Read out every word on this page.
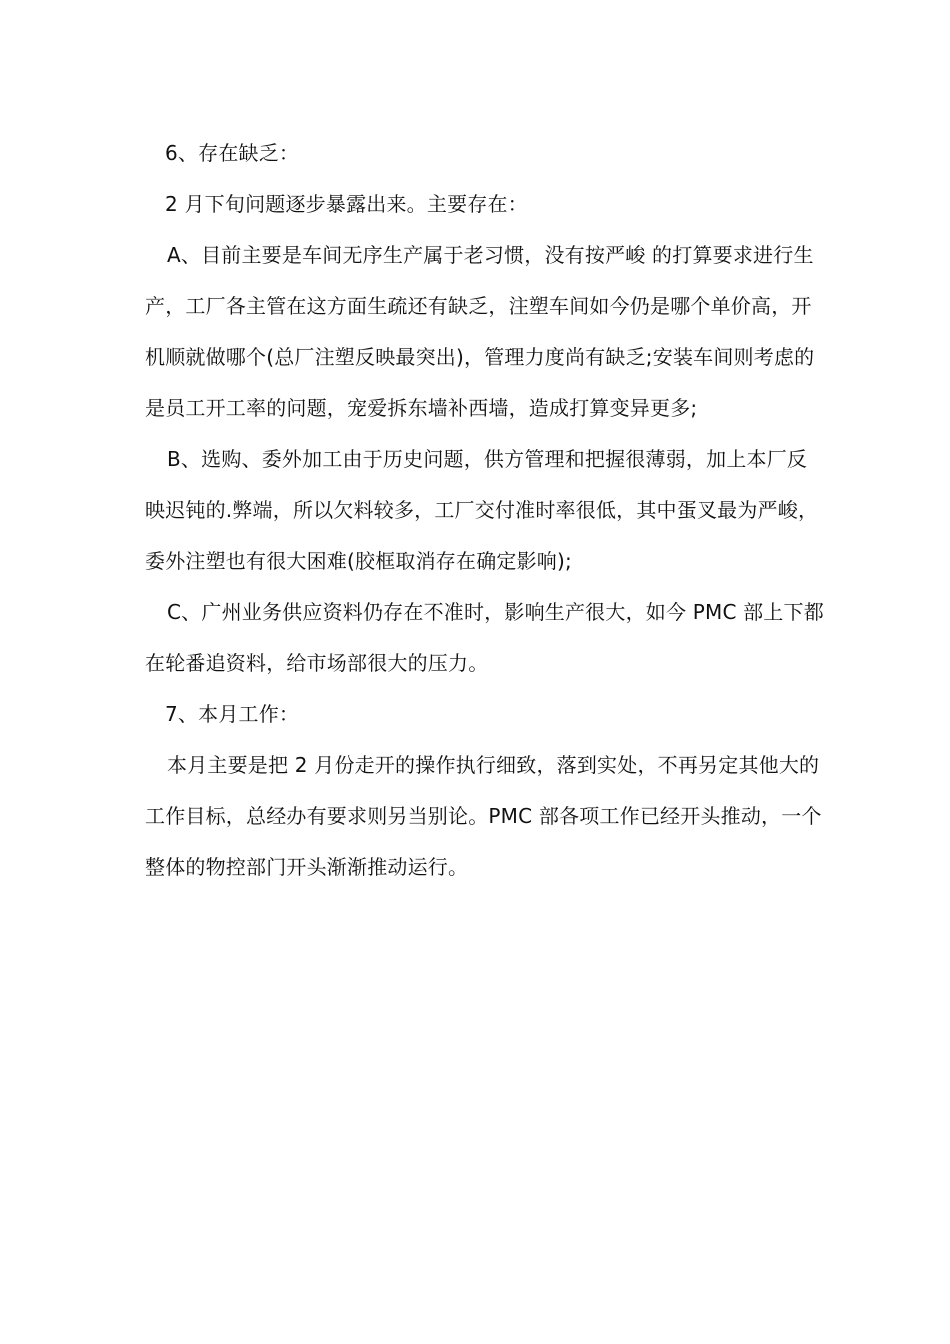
6、存在缺乏：

2 月下旬问题逐步暴露出来。主要存在：

A、目前主要是车间无序生产属于老习惯，没有按严峻 的打算要求进行生产，工厂各主管在这方面生疏还有缺乏，注塑车间如今仍是哪个单价高，开机顺就做哪个(总厂注塑反映最突出)，管理力度尚有缺乏;安装车间则考虑的是员工开工率的问题，宠爱拆东墙补西墙，造成打算变异更多;

B、选购、委外加工由于历史问题，供方管理和把握很薄弱，加上本厂反映迟钝的.弊端，所以欠料较多，工厂交付准时率很低，其中蛋叉最为严峻，委外注塑也有很大困难(胶框取消存在确定影响);

C、广州业务供应资料仍存在不准时，影响生产很大，如今 PMC 部上下都在轮番追资料，给市场部很大的压力。

7、本月工作：

本月主要是把 2 月份走开的操作执行细致，落到实处，不再另定其他大的工作目标，总经办有要求则另当别论。PMC 部各项工作已经开头推动，一个整体的物控部门开头渐渐推动运行。
